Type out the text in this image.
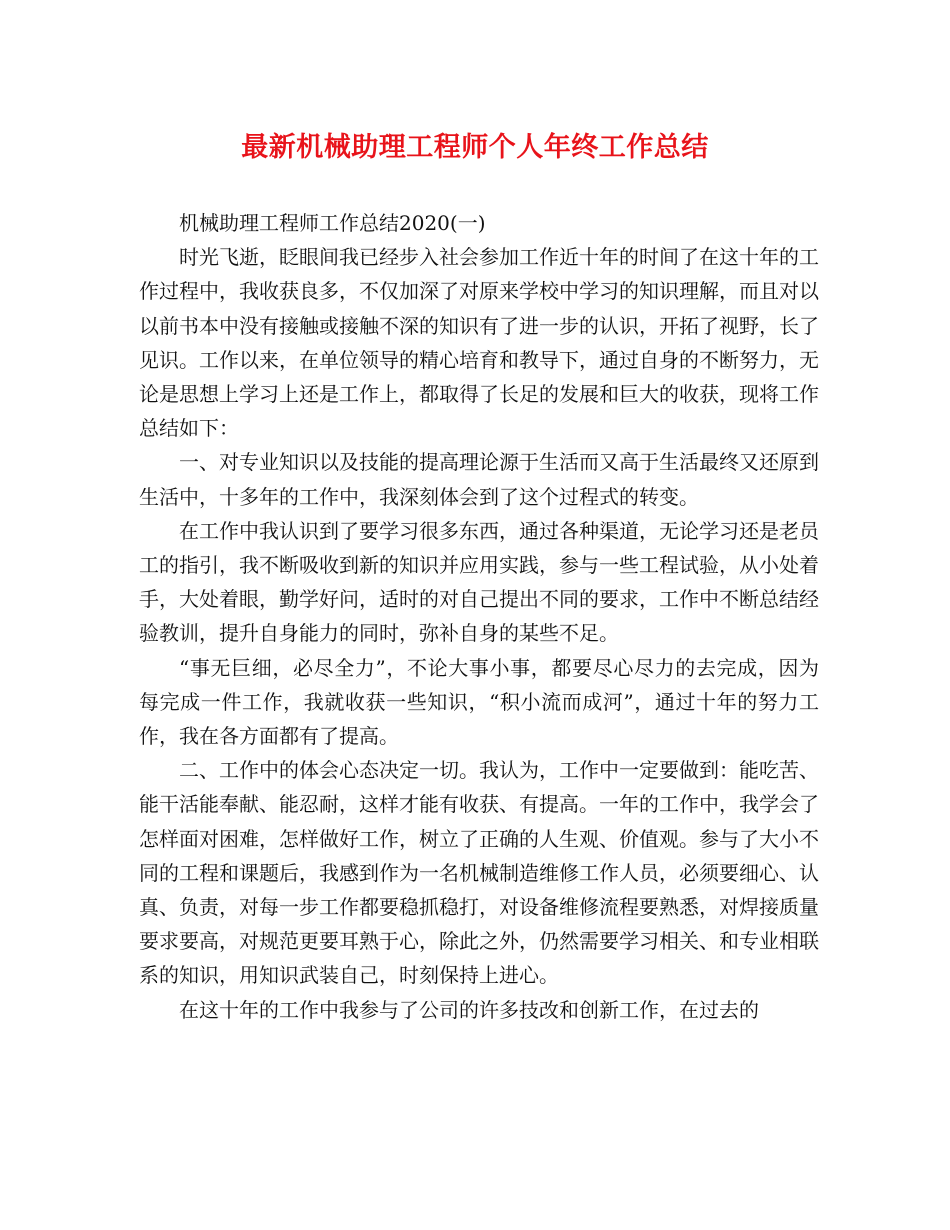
最新机械助理工程师个人年终工作总结

机械助理工程师工作总结2020(一)

时光飞逝，眨眼间我已经步入社会参加工作近十年的时间了在这十年的工作过程中，我收获良多，不仅加深了对原来学校中学习的知识理解，而且对以以前书本中没有接触或接触不深的知识有了进一步的认识，开拓了视野，长了见识。工作以来，在单位领导的精心培育和教导下，通过自身的不断努力，无论是思想上学习上还是工作上，都取得了长足的发展和巨大的收获，现将工作总结如下：

一、对专业知识以及技能的提高理论源于生活而又高于生活最终又还原到生活中，十多年的工作中，我深刻体会到了这个过程式的转变。

在工作中我认识到了要学习很多东西，通过各种渠道，无论学习还是老员工的指引，我不断吸收到新的知识并应用实践，参与一些工程试验，从小处着手，大处着眼，勤学好问，适时的对自己提出不同的要求，工作中不断总结经验教训，提升自身能力的同时，弥补自身的某些不足。

“事无巨细，必尽全力”，不论大事小事，都要尽心尽力的去完成，因为每完成一件工作，我就收获一些知识，“积小流而成河”，通过十年的努力工作，我在各方面都有了提高。

二、工作中的体会心态决定一切。我认为，工作中一定要做到：能吃苦、能干活能奉献、能忍耐，这样才能有收获、有提高。一年的工作中，我学会了怎样面对困难，怎样做好工作，树立了正确的人生观、价值观。参与了大小不同的工程和课题后，我感到作为一名机械制造维修工作人员，必须要细心、认真、负责，对每一步工作都要稳抓稳打，对设备维修流程要熟悉，对焊接质量要求要高，对规范更要耳熟于心，除此之外，仍然需要学习相关、和专业相联系的知识，用知识武装自己，时刻保持上进心。

在这十年的工作中我参与了公司的许多技改和创新工作，在过去的
